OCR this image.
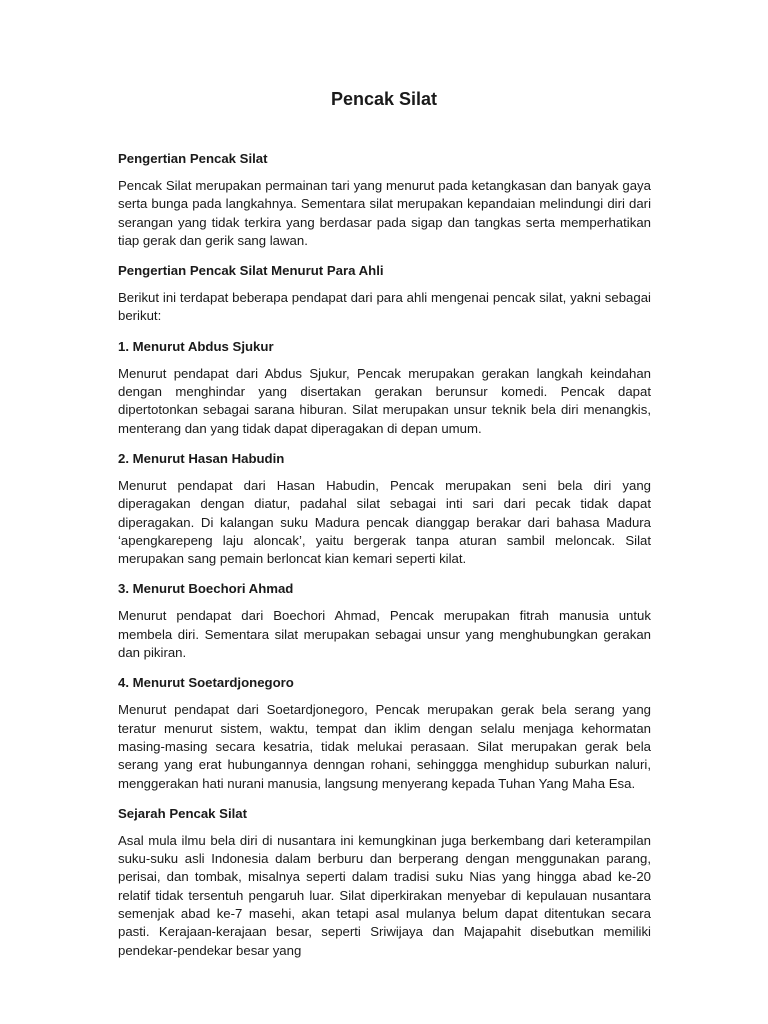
Pencak Silat
Pengertian Pencak Silat

Pencak Silat merupakan permainan tari yang menurut pada ketangkasan dan banyak gaya serta bunga pada langkahnya. Sementara silat merupakan kepandaian melindungi diri dari serangan yang tidak terkira yang berdasar pada sigap dan tangkas serta memperhatikan tiap gerak dan gerik sang lawan.

Pengertian Pencak Silat Menurut Para Ahli

Berikut ini terdapat beberapa pendapat dari para ahli mengenai pencak silat, yakni sebagai berikut:

1. Menurut Abdus Sjukur

Menurut pendapat dari Abdus Sjukur, Pencak merupakan gerakan langkah keindahan dengan menghindar yang disertakan gerakan berunsur komedi. Pencak dapat dipertotonkan sebagai sarana hiburan. Silat merupakan unsur teknik bela diri menangkis, menterang dan yang tidak dapat diperagakan di depan umum.

2. Menurut Hasan Habudin

Menurut pendapat dari Hasan Habudin, Pencak merupakan seni bela diri yang diperagakan dengan diatur, padahal silat sebagai inti sari dari pecak tidak dapat diperagakan. Di kalangan suku Madura pencak dianggap berakar dari bahasa Madura ‘apengkarepeng laju aloncak’, yaitu bergerak tanpa aturan sambil meloncak. Silat merupakan sang pemain berloncat kian kemari seperti kilat.

3. Menurut Boechori Ahmad

Menurut pendapat dari Boechori Ahmad, Pencak merupakan fitrah manusia untuk membela diri. Sementara silat merupakan sebagai unsur yang menghubungkan gerakan dan pikiran.

4. Menurut Soetardjonegoro

Menurut pendapat dari Soetardjonegoro, Pencak merupakan gerak bela serang yang teratur menurut sistem, waktu, tempat dan iklim dengan selalu menjaga kehormatan masing-masing secara kesatria, tidak melukai perasaan. Silat merupakan gerak bela serang yang erat hubungannya denngan rohani, sehinggga menghidup suburkan naluri, menggerakan hati nurani manusia, langsung menyerang kepada Tuhan Yang Maha Esa.

Sejarah Pencak Silat

Asal mula ilmu bela diri di nusantara ini kemungkinan juga berkembang dari keterampilan suku-suku asli Indonesia dalam berburu dan berperang dengan menggunakan parang, perisai, dan tombak, misalnya seperti dalam tradisi suku Nias yang hingga abad ke-20 relatif tidak tersentuh pengaruh luar. Silat diperkirakan menyebar di kepulauan nusantara semenjak abad ke-7 masehi, akan tetapi asal mulanya belum dapat ditentukan secara pasti. Kerajaan-kerajaan besar, seperti Sriwijaya dan Majapahit disebutkan memiliki pendekar-pendekar besar yang
